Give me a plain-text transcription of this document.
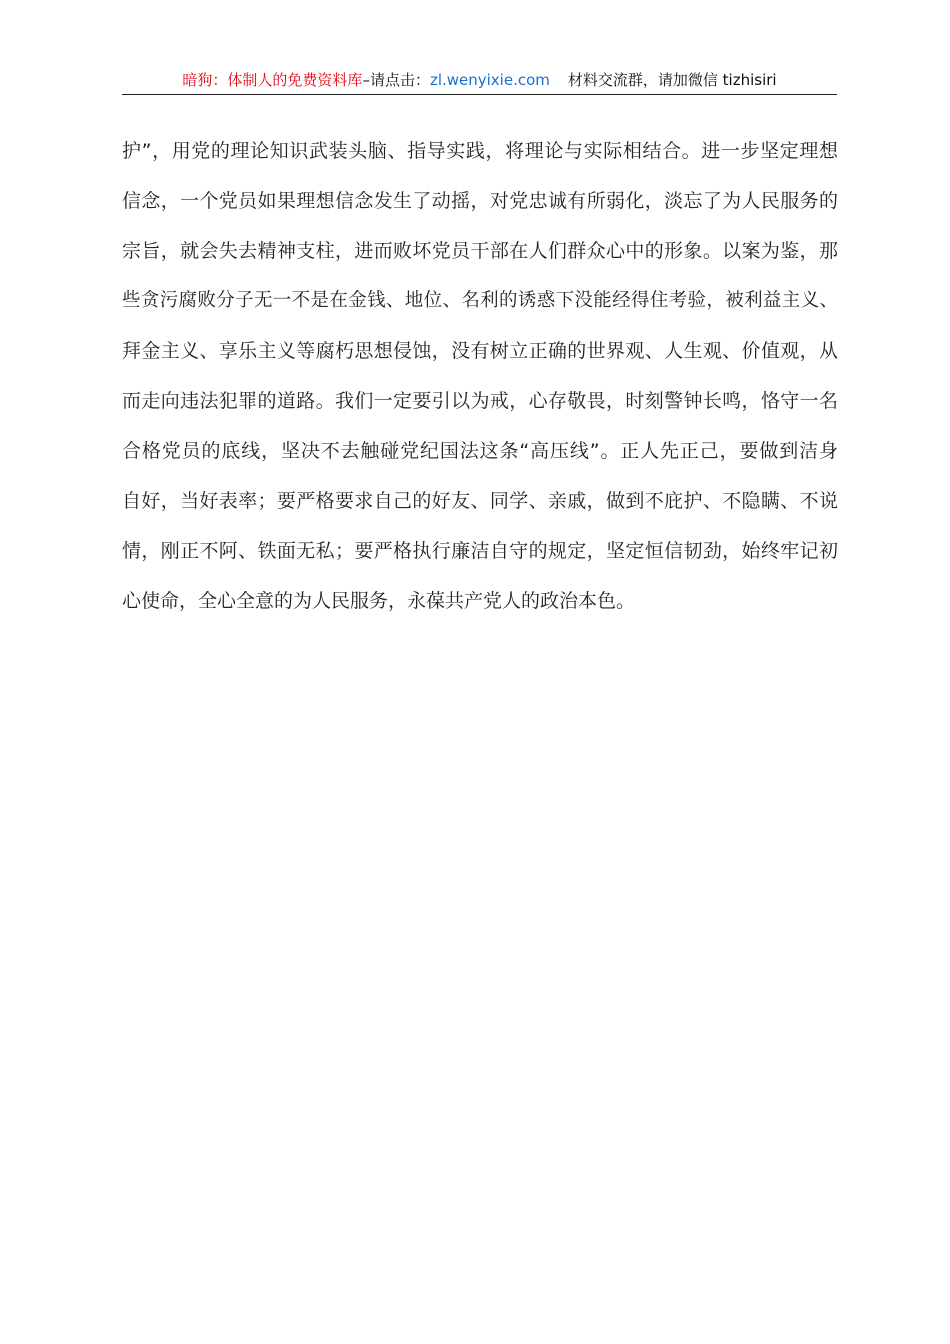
暗狗：体制人的免费资料库–请点击：zl.wenyixie.com 材料交流群，请加微信 tizhisiri
护”，用党的理论知识武装头脑、指导实践，将理论与实际相结合。进一步坚定理想
信念，一个党员如果理想信念发生了动摇，对党忠诚有所弱化，淡忘了为人民服务的
宗旨，就会失去精神支柱，进而败坏党员干部在人们群众心中的形象。以案为鉴，那
些贪污腐败分子无一不是在金钱、地位、名利的诱惑下没能经得住考验，被利益主义、
拜金主义、享乐主义等腐朽思想侵蚀，没有树立正确的世界观、人生观、价值观，从
而走向违法犯罪的道路。我们一定要引以为戒，心存敬畏，时刻警钟长鸣，恪守一名
合格党员的底线，坚决不去触碰党纪国法这条“高压线”。正人先正己，要做到洁身
自好，当好表率；要严格要求自己的好友、同学、亲戚，做到不庇护、不隐瞒、不说
情，刚正不阿、铁面无私；要严格执行廉洁自守的规定，坚定恒信韧劲，始终牢记初
心使命，全心全意的为人民服务，永葆共产党人的政治本色。
